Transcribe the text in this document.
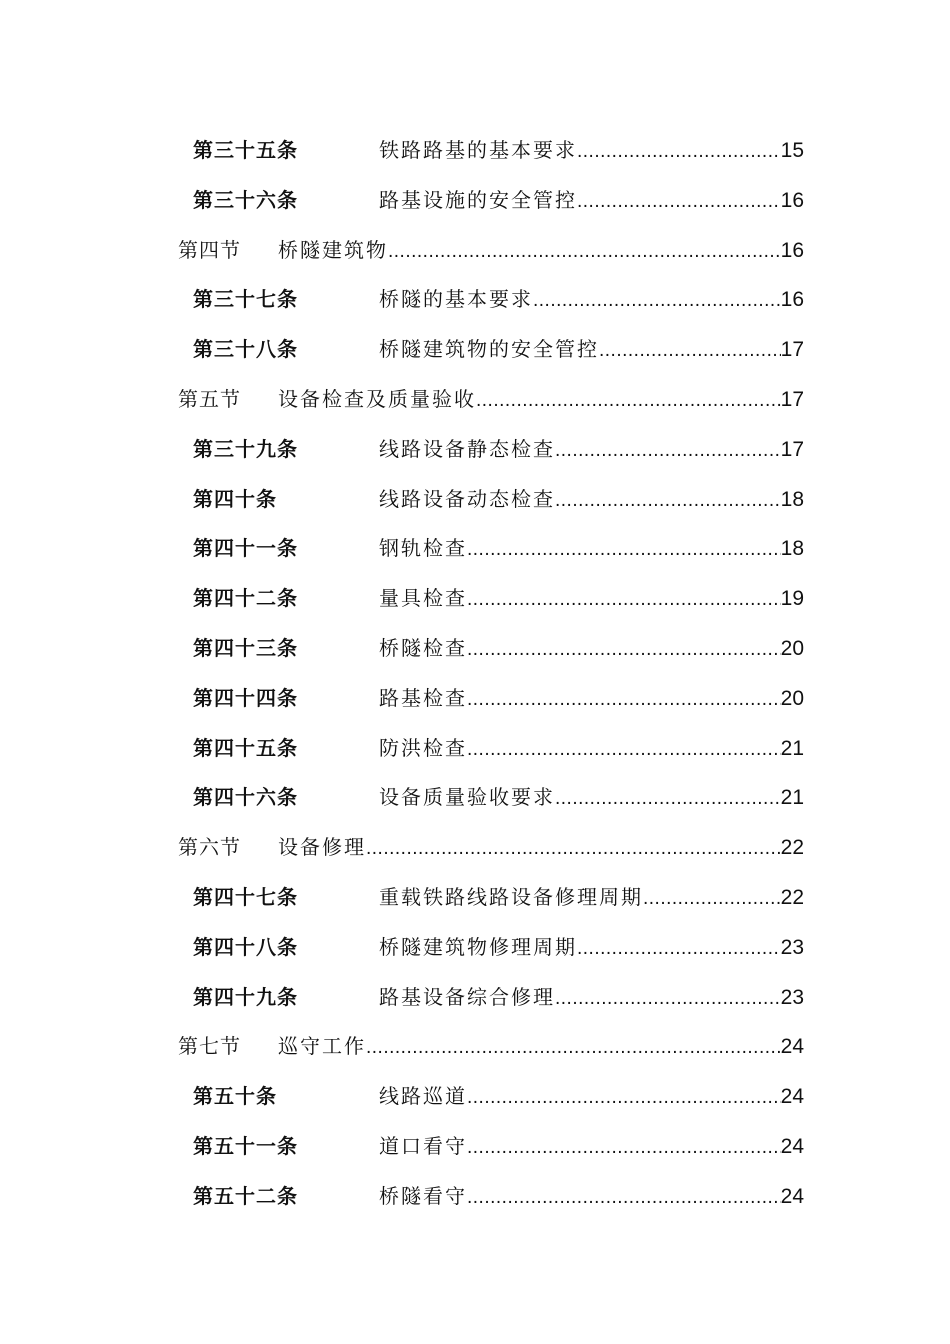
第三十五条	铁路路基的基本要求 .....	15
第三十六条	路基设施的安全管控 .....	16
第四节 桥隧建筑物 .....	16
第三十七条	桥隧的基本要求 .....	16
第三十八条	桥隧建筑物的安全管控 .....	17
第五节 设备检查及质量验收 .....	17
第三十九条	线路设备静态检查 .....	17
第四十条	线路设备动态检查 .....	18
第四十一条	钢轨检查 .....	18
第四十二条	量具检查 .....	19
第四十三条	桥隧检查 .....	20
第四十四条	路基检查 .....	20
第四十五条	防洪检查 .....	21
第四十六条	设备质量验收要求 .....	21
第六节 设备修理 .....	22
第四十七条	重载铁路线路设备修理周期 .....	22
第四十八条	桥隧建筑物修理周期 .....	23
第四十九条	路基设备综合修理 .....	23
第七节 巡守工作 .....	24
第五十条	线路巡道 .....	24
第五十一条	道口看守 .....	24
第五十二条	桥隧看守 .....	24
